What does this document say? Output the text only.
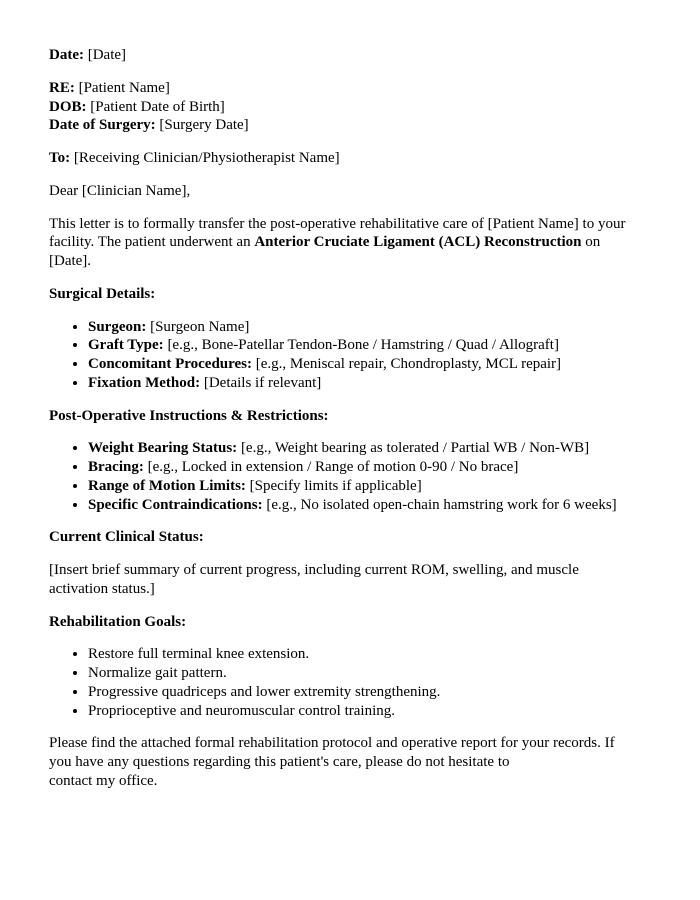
Date: [Date]

RE: [Patient Name]

DOB: [Patient Date of Birth]

Date of Surgery: [Surgery Date]

To: [Receiving Clinician/Physiotherapist Name]

Dear [Clinician Name],

This letter is to formally transfer the post-operative rehabilitative care of [Patient Name] to your facility. The patient underwent an Anterior Cruciate Ligament (ACL) Reconstruction on [Date].

Surgical Details:

• Surgeon: [Surgeon Name]
• Graft Type: [e.g., Bone-Patellar Tendon-Bone / Hamstring / Quad / Allograft]
• Concomitant Procedures: [e.g., Meniscal repair, Chondroplasty, MCL repair]
• Fixation Method: [Details if relevant]

Post-Operative Instructions & Restrictions:

• Weight Bearing Status: [e.g., Weight bearing as tolerated / Partial WB / Non-WB]
• Bracing: [e.g., Locked in extension / Range of motion 0-90 / No brace]
• Range of Motion Limits: [Specify limits if applicable]
• Specific Contraindications: [e.g., No isolated open-chain hamstring work for 6 weeks]

Current Clinical Status:

[Insert brief summary of current progress, including current ROM, swelling, and muscle activation status.]

Rehabilitation Goals:

• Restore full terminal knee extension.
• Normalize gait pattern.
• Progressive quadriceps and lower extremity strengthening.
• Proprioceptive and neuromuscular control training.

Please find the attached formal rehabilitation protocol and operative report for your records. If you have any questions regarding this patient's care, please do not hesitate to

contact my office.
